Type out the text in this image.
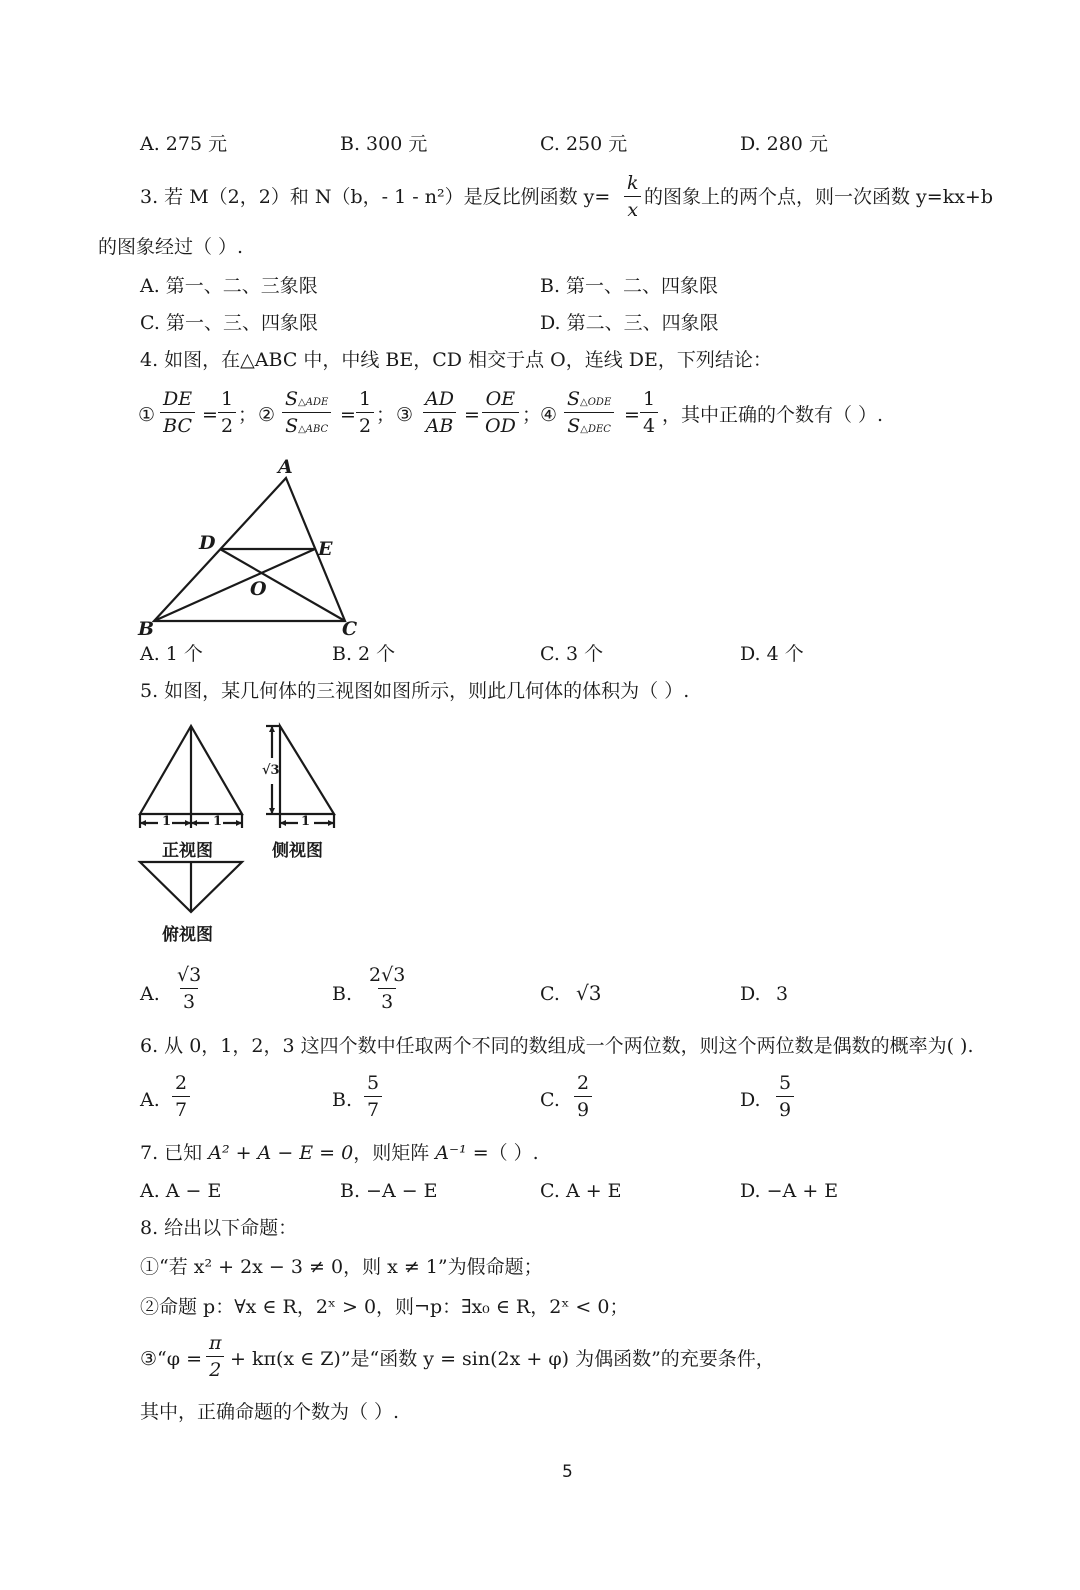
A. 275 元	B. 300 元	C. 250 元	D. 280 元
3. 若 M（2，2）和 N（b，- 1 - n²）是反比例函数 $y= \frac{k}{x}$ 的图象上的两个点，则一次函数 y=kx+b
的图象经过（ ）.
A. 第一、二、三象限	B. 第一、二、四象限
C. 第一、三、四象限	D. 第二、三、四象限
4. 如图，在△ABC 中，中线 BE，CD 相交于点 O，连线 DE，下列结论：
① $\frac{DE}{BC} = \frac{1}{2}$ ； ②
S△ADE
S△ABC
= $\frac{1}{2}$ ； ③ $\frac{AD}{AB} = \frac{OE}{OD}$ ；
④
S△ODE
S△DEC
= $\frac{1}{4}$ ，其中正确的个数有（ ）.
A
D	E
O
B	C
A. 1 个	B. 2 个	C. 3 个	D. 4 个
5. 如图，某几何体的三视图如图所示，则此几何体的体积为（ ）.
1	1
正视图
√3
1
侧视图
俯视图
A. $\frac{√3}{3}$	B. $\frac{2√3}{3}$	C. √3	D. 3
6. 从 0，1，2，3 这四个数中任取两个不同的数组成一个两位数，则这个两位数是偶数的概率为( ).
A. $\frac{2}{7}$	B. $\frac{5}{7}$	C. $\frac{2}{9}$	D. $\frac{5}{9}$
7. 已知 A² + A − E = 0，则矩阵 A⁻¹ =（ ）.
A. A − E	B. −A − E	C. A + E	D. −A + E
8. 给出以下命题：
①“若 x² + 2x − 3 ≠ 0，则 x ≠ 1”为假命题；
②命题 p：∀x ∈ R，2ˣ > 0，则¬p：∃x₀ ∈ R，2ˣ < 0；
③“φ = $\frac{\pi}{2} + k\pi(x$ ∈ Z)”是“函数 y = sin(2x + φ) 为偶函数”的充要条件，
其中，正确命题的个数为（ ）.
5
